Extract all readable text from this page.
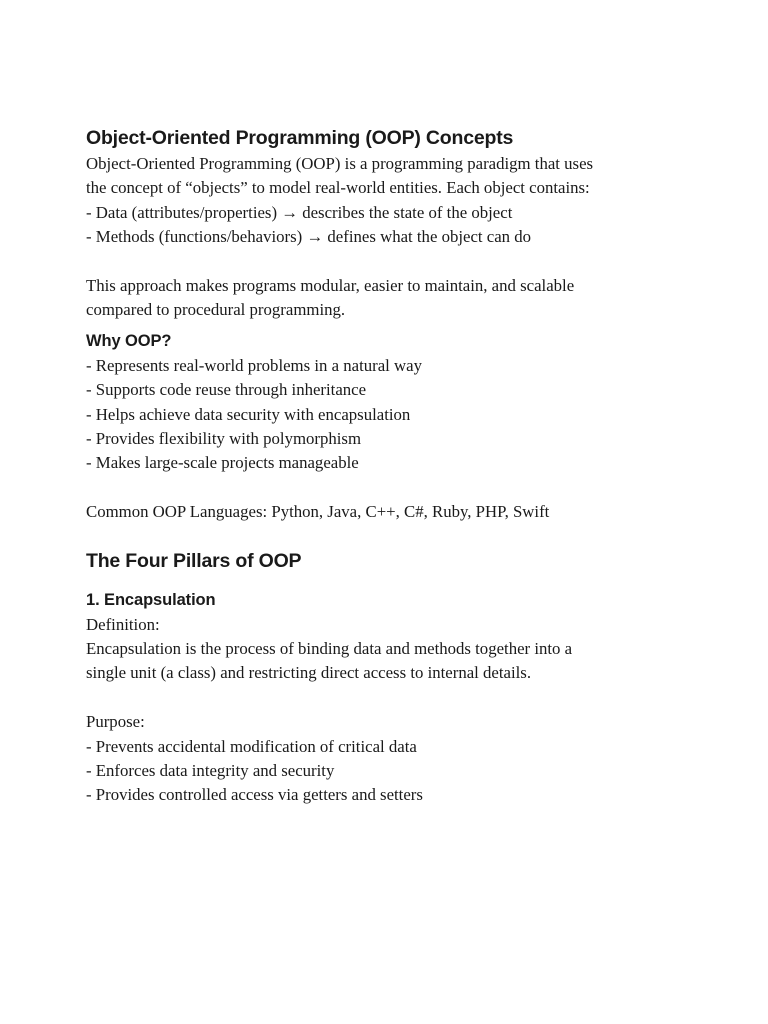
Object-Oriented Programming (OOP) Concepts

Object-Oriented Programming (OOP) is a programming paradigm that uses

the concept of “objects” to model real-world entities. Each object contains:

- Data (attributes/properties) → describes the state of the object

- Methods (functions/behaviors) → defines what the object can do

This approach makes programs modular, easier to maintain, and scalable

compared to procedural programming.

Why OOP?

- Represents real-world problems in a natural way

- Supports code reuse through inheritance

- Helps achieve data security with encapsulation

- Provides flexibility with polymorphism

- Makes large-scale projects manageable

Common OOP Languages: Python, Java, C++, C#, Ruby, PHP, Swift

The Four Pillars of OOP
1. Encapsulation

Definition:

Encapsulation is the process of binding data and methods together into a

single unit (a class) and restricting direct access to internal details.

Purpose:

- Prevents accidental modification of critical data

- Enforces data integrity and security

- Provides controlled access via getters and setters
